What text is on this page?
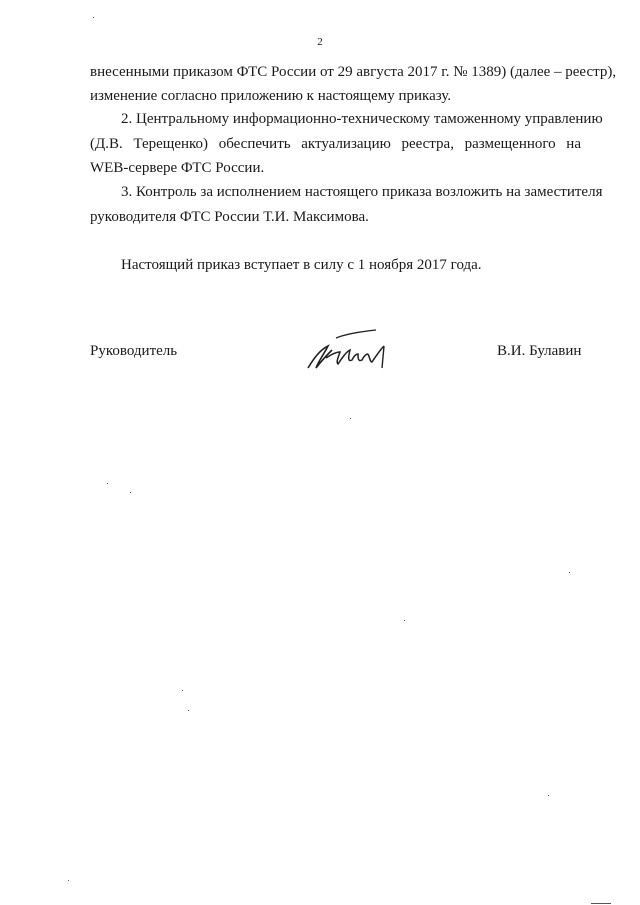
2
внесенными приказом ФТС России от 29 августа 2017 г. № 1389) (далее – реестр),
изменение согласно приложению к настоящему приказу.
2. Центральному информационно-техническому таможенному управлению
(Д.В. Терещенко) обеспечить актуализацию реестра, размещенного на
WEB-сервере ФТС России.
3. Контроль за исполнением настоящего приказа возложить на заместителя
руководителя ФТС России Т.И. Максимова.
Настоящий приказ вступает в силу с 1 ноября 2017 года.
Руководитель	В.И. Булавин
